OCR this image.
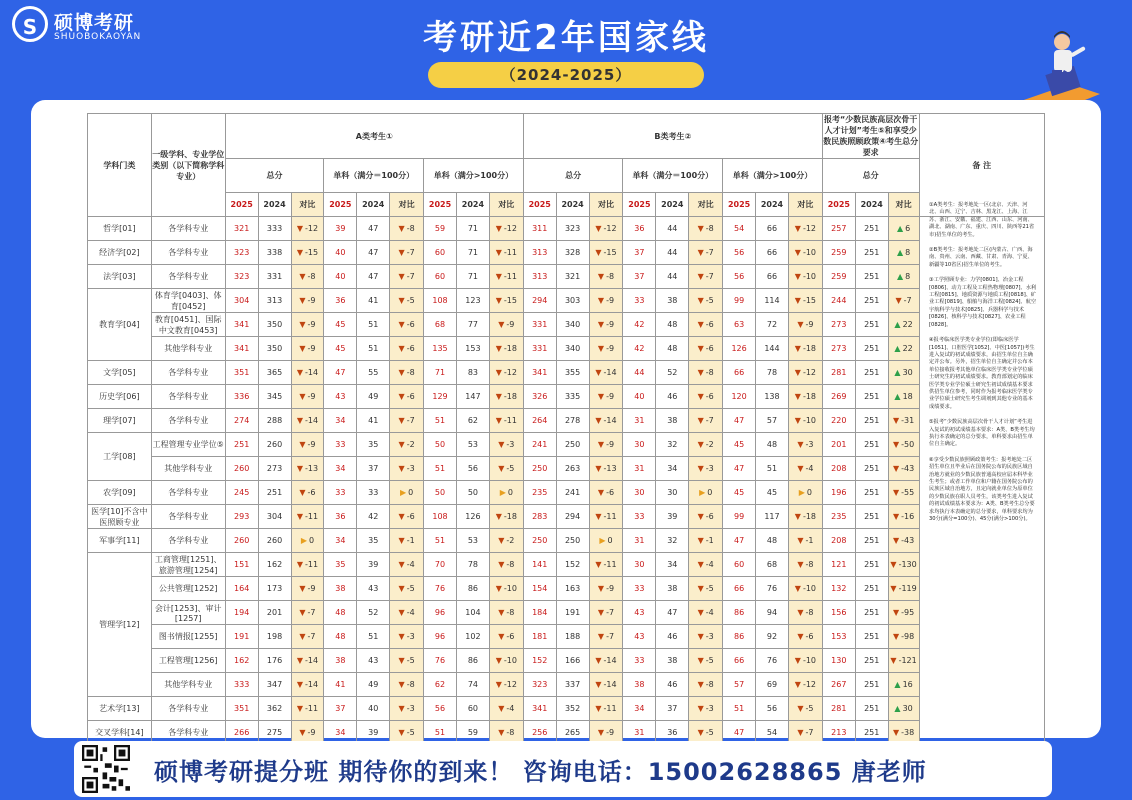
S 硕博考研
SHUOBOKAOYAN	考研近2年国家线
（2024-2025）
学科门类	一级学科、专业学位类别（以下简称学科专业）	A类考生①									B类考生②									报考“少数民族高层次骨干人才计划”考生⑤和享受少数民族照顾政策④考生总分要求			备 注
		总分			单科（满分＝100分）			单科（满分>100分）			总分			单科（满分＝100分）			单科（满分>100分）			总分			
		2025	2024	对比	2025	2024	对比	2025	2024	对比	2025	2024	对比	2025	2024	对比	2025	2024	对比	2025	2024	对比	
哲学[01]	各学科专业	321	333	▼ -12	39	47	▼ -8	59	71	▼ -12	311	323	▼ -12	36	44	▼ -8	54	66	▼ -12	257	251	▲ 6	
经济学[02]	各学科专业	323	338	▼ -15	40	47	▼ -7	60	71	▼ -11	313	328	▼ -15	37	44	▼ -7	56	66	▼ -10	259	251	▲ 8	
法学[03]	各学科专业	323	331	▼ -8	40	47	▼ -7	60	71	▼ -11	313	321	▼ -8	37	44	▼ -7	56	66	▼ -10	259	251	▲ 8	
教育学[04]	体育学[0403]、体育[0452]	304	313	▼ -9	36	41	▼ -5	108	123	▼ -15	294	303	▼ -9	33	38	▼ -5	99	114	▼ -15	244	251	▼ -7	
	教育[0451]、国际中文教育[0453]	341	350	▼ -9	45	51	▼ -6	68	77	▼ -9	331	340	▼ -9	42	48	▼ -6	63	72	▼ -9	273	251	▲ 22	
	其他学科专业	341	350	▼ -9	45	51	▼ -6	135	153	▼ -18	331	340	▼ -9	42	48	▼ -6	126	144	▼ -18	273	251	▲ 22	
文学[05]	各学科专业	351	365	▼ -14	47	55	▼ -8	71	83	▼ -12	341	355	▼ -14	44	52	▼ -8	66	78	▼ -12	281	251	▲ 30	
历史学[06]	各学科专业	336	345	▼ -9	43	49	▼ -6	129	147	▼ -18	326	335	▼ -9	40	46	▼ -6	120	138	▼ -18	269	251	▲ 18	
理学[07]	各学科专业	274	288	▼ -14	34	41	▼ -7	51	62	▼ -11	264	278	▼ -14	31	38	▼ -7	47	57	▼ -10	220	251	▼ -31	
工学[08]	工程管理专业学位⑤	251	260	▼ -9	33	35	▼ -2	50	53	▼ -3	241	250	▼ -9	30	32	▼ -2	45	48	▼ -3	201	251	▼ -50	
	其他学科专业	260	273	▼ -13	34	37	▼ -3	51	56	▼ -5	250	263	▼ -13	31	34	▼ -3	47	51	▼ -4	208	251	▼ -43	
农学[09]	各学科专业	245	251	▼ -6	33	33	▶ 0	50	50	▶ 0	235	241	▼ -6	30	30	▶ 0	45	45	▶ 0	196	251	▼ -55	
医学[10]不含中医照顾专业	各学科专业	293	304	▼ -11	36	42	▼ -6	108	126	▼ -18	283	294	▼ -11	33	39	▼ -6	99	117	▼ -18	235	251	▼ -16	
军事学[11]	各学科专业	260	260	▶ 0	34	35	▼ -1	51	53	▼ -2	250	250	▶ 0	31	32	▼ -1	47	48	▼ -1	208	251	▼ -43	
管理学[12]	工商管理[1251]、旅游管理[1254]	151	162	▼ -11	35	39	▼ -4	70	78	▼ -8	141	152	▼ -11	30	34	▼ -4	60	68	▼ -8	121	251	▼ -130	
	公共管理[1252]	164	173	▼ -9	38	43	▼ -5	76	86	▼ -10	154	163	▼ -9	33	38	▼ -5	66	76	▼ -10	132	251	▼ -119	
	会计[1253]、审计[1257]	194	201	▼ -7	48	52	▼ -4	96	104	▼ -8	184	191	▼ -7	43	47	▼ -4	86	94	▼ -8	156	251	▼ -95	
	图书情报[1255]	191	198	▼ -7	48	51	▼ -3	96	102	▼ -6	181	188	▼ -7	43	46	▼ -3	86	92	▼ -6	153	251	▼ -98	
	工程管理[1256]	162	176	▼ -14	38	43	▼ -5	76	86	▼ -10	152	166	▼ -14	33	38	▼ -5	66	76	▼ -10	130	251	▼ -121	
	其他学科专业	333	347	▼ -14	41	49	▼ -8	62	74	▼ -12	323	337	▼ -14	38	46	▼ -8	57	69	▼ -12	267	251	▲ 16	
艺术学[13]	各学科专业	351	362	▼ -11	37	40	▼ -3	56	60	▼ -4	341	352	▼ -11	34	37	▼ -3	51	56	▼ -5	281	251	▲ 30	
交叉学科[14]	各学科专业	266	275	▼ -9	34	39	▼ -5	51	59	▼ -8	256	265	▼ -9	31	36	▼ -5	47	54	▼ -7	213	251	▼ -38	

①A类考生：报考地处一区(北京、天津、河北、山西、辽宁、吉林、黑龙江、上海、江苏、浙江、安徽、福建、江西、山东、河南、湖北、湖南、广东、重庆、四川、陕西等21省市)招生单位的考生。

②B类考生：报考地处二区(内蒙古、广西、海南、贵州、云南、西藏、甘肃、青海、宁夏、新疆等10省区)招生单位的考生。

③工学照顾专业：力学[0801]、冶金工程[0806]、动力工程及工程热物理[0807]、水利工程[0815]、地质资源与地质工程[0818]、矿业工程[0819]、船舶与海洋工程[0824]、航空宇航科学与技术[0825]、兵器科学与技术[0826]、核科学与技术[0827]、农业工程[0828]。

④报考临床医学类专业学位(即临床医学[1051]、口腔医学[1052]、中医[1057])考生进入复试的初试成绩要求，由招生单位自主确定并公布。另外，招生单位自主确定并公布本单位接收报考其他单位临床医学类专业学位硕士研究生的初试成绩要求。教育部划定的临床医学类专业学位硕士研究生初试成绩基本要求供招生单位参考，同时作为报考临床医学类专业学位硕士研究生考生调剂到其他专业的基本成绩要求。

⑤报考“少数民族高层次骨干人才计划”考生进入复试的初试成绩基本要求：A类、B类考生均执行本表确定的总分要求，单科要求由招生单位自主确定。

⑥享受少数民族照顾政策考生：报考地处二区招生单位且毕业后在国务院公布的民族区域自治地方就业的少数民族普通高校应届本科毕业生考生；或者工作单位和户籍在国务院公布的民族区域自治地方，且定向就业单位为原单位的少数民族在职人员考生，该类考生进入复试的初试成绩基本要求为：A类、B类考生总分要求均执行本表确定的总分要求，单科要求均为30分(满分=100分)、45分(满分>100分)。

硕博考研提分班 期待你的到来！ 咨询电话：15002628865 唐老师
